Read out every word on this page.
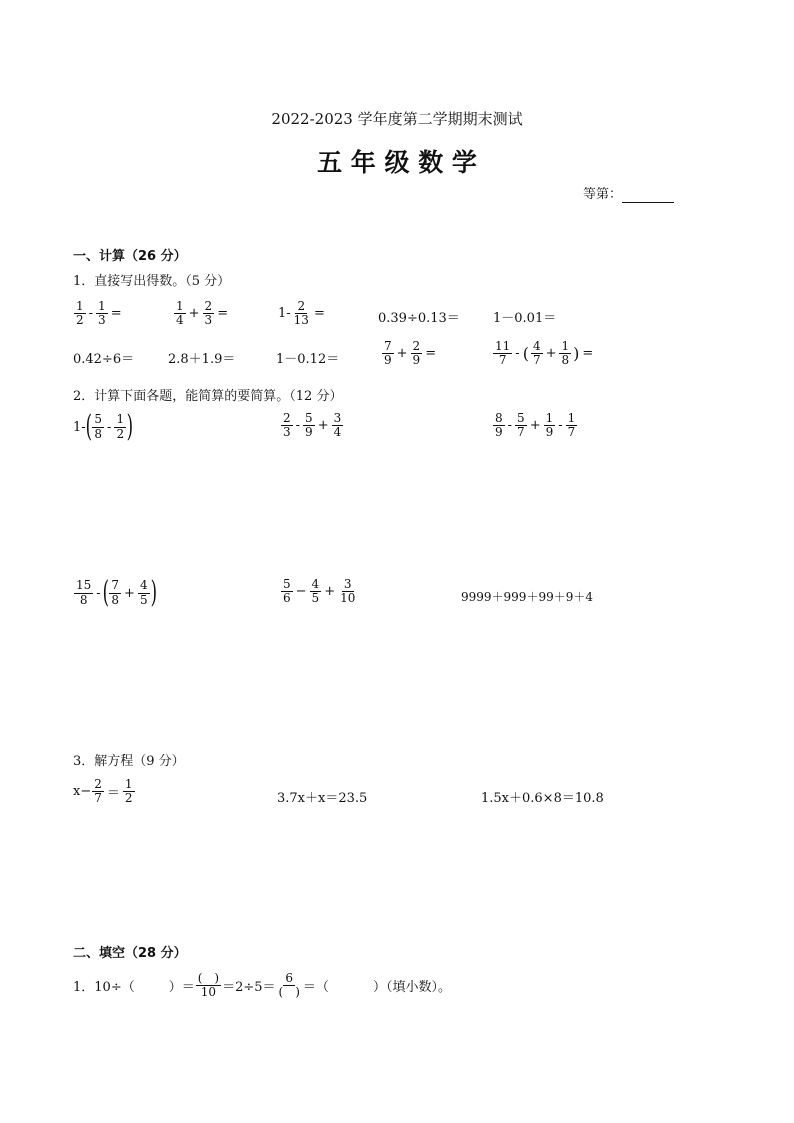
2022-2023 学年度第二学期期末测试
五 年 级 数 学
等第：
一、计算（26 分）
1．直接写出得数。（5 分）
$\frac{1}{2} - \frac{1}{3}$ =	$\frac{1}{4} + \frac{2}{3}$ =	$1- \frac{2}{13}$ =	0.39÷0.13＝	1－0.01＝
0.42÷6＝	2.8＋1.9＝	1－0.12＝	$\frac{7}{9} + \frac{2}{9}$ =	$\frac{11}{7}$ - ( $\frac{4}{7} + \frac{1}{8}$ ) =
2．计算下面各题，能简算的要简算。（12 分）
1- ( $\frac{5}{8} - \frac{1}{2}$ )	$\frac{2}{3} - \frac{5}{9} + \frac{3}{4}$	$\frac{8}{9} - \frac{5}{7} + \frac{1}{9} - \frac{1}{7}$
$\frac{15}{8}$ - ( $\frac{7}{8} + \frac{4}{5}$ )	$\frac{5}{6} - \frac{4}{5} + \frac{3}{10}$	9999＋999＋99＋9＋4
3．解方程（9 分）
$x- \frac{2}{7} = \frac{1}{2}$	3.7x＋x＝23.5	1.5x＋0.6×8＝10.8
二、填空（28 分）
1．10÷（	）＝ $\frac{( )}{10} =2\div 5= \frac{6}{( )}$ ＝（	）（填小数）。
